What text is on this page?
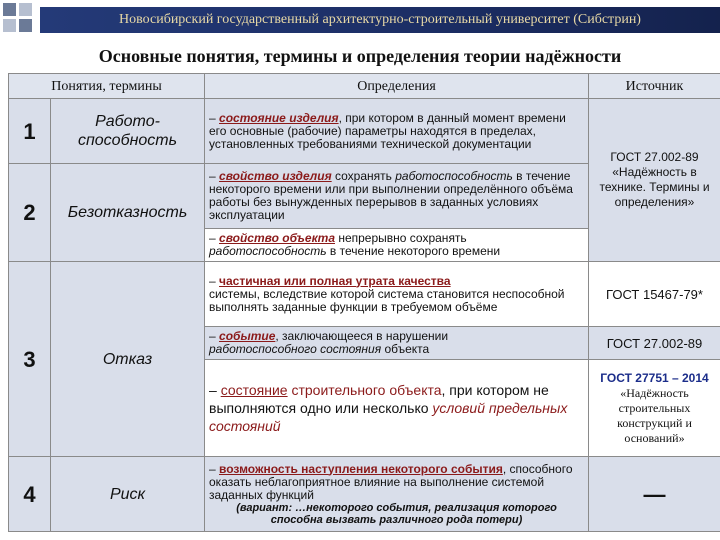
Новосибирский государственный архитектурно-строительный университет (Сибстрин)
Основные понятия, термины и определения теории надёжности
Понятия, термины		Определения	Источник
1	Работо-способность	– состояние изделия, при котором в данный момент времени его основные (рабочие) параметры находятся в пределах, установленных требованиями технической документации	ГОСТ 27.002-89 «Надёжность в технике. Термины и определения»
2	Безотказность	– свойство изделия сохранять работоспособность в течение некоторого времени или при выполнении определённого объёма работы без вынужденных перерывов в заданных условиях эксплуатации	
		– свойство объекта непрерывно сохранять работоспособность в течение некоторого времени	
3	Отказ	– частичная или полная утрата качества
системы, вследствие которой система становится неспособной выполнять заданные функции в требуемом объёме	ГОСТ 15467-79*
		– событие, заключающееся в нарушении
работоспособного состояния объекта	ГОСТ 27.002-89
		– состояние строительного объекта, при котором не выполняются одно или несколько условий предельных состояний	ГОСТ 27751 – 2014
«Надёжность строительных конструкций и оснований»
4	Риск	– возможность наступления некоторого события, способного оказать неблагоприятное влияние на выполнение системой заданных функций
(вариант: …некоторого события, реализация которого способна вызвать различного рода потери)	—
